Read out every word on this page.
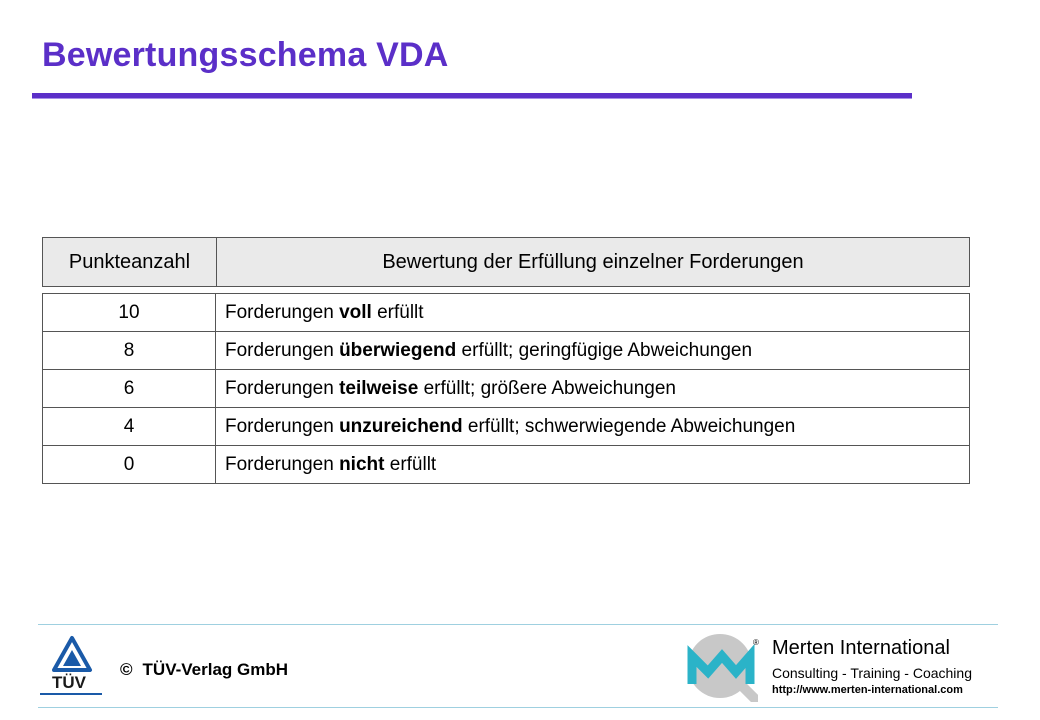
Bewertungsschema VDA
Punkteanzahl	Bewertung der Erfüllung einzelner Forderungen
10	Forderungen voll erfüllt
8	Forderungen überwiegend erfüllt; geringfügige Abweichungen
6	Forderungen teilweise erfüllt; größere Abweichungen
4	Forderungen unzureichend erfüllt; schwerwiegende Abweichungen
0	Forderungen nicht erfüllt
TÜV
© TÜV-Verlag GmbH
® Merten International
Consulting - Training - Coaching
http://www.merten-international.com
